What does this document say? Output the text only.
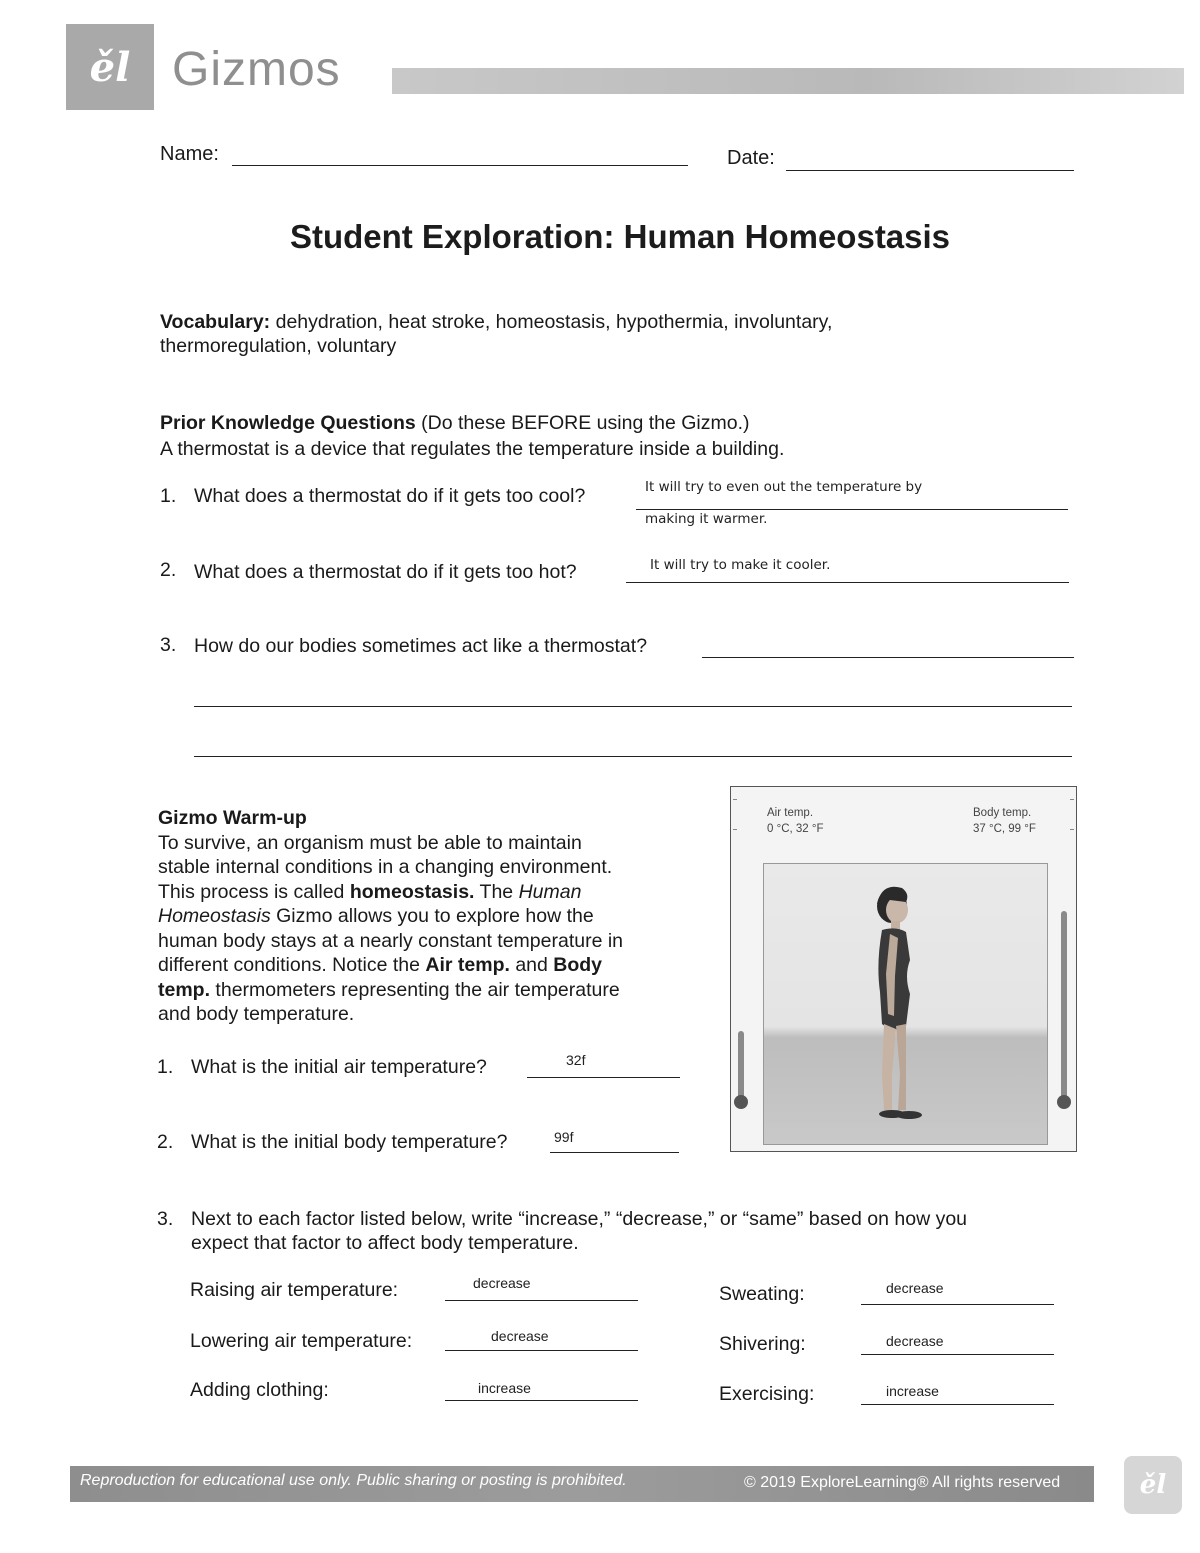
ěl Gizmos
Name:	Date:
Student Exploration: Human Homeostasis
Vocabulary: dehydration, heat stroke, homeostasis, hypothermia, involuntary,
thermoregulation, voluntary
Prior Knowledge Questions (Do these BEFORE using the Gizmo.)
A thermostat is a device that regulates the temperature inside a building.
1. What does a thermostat do if it gets too cool?	It will try to even out the temperature by
making it warmer.
2. What does a thermostat do if it gets too hot?	It will try to make it cooler.
3. How do our bodies sometimes act like a thermostat?
Gizmo Warm-up
To survive, an organism must be able to maintain
stable internal conditions in a changing environment.
This process is called homeostasis. The Human
Homeostasis Gizmo allows you to explore how the
human body stays at a nearly constant temperature in
different conditions. Notice the Air temp. and Body
temp. thermometers representing the air temperature
and body temperature.
1. What is the initial air temperature?	32f
2. What is the initial body temperature?	99f
Air temp.
0 °C, 32 °F
Body temp.
37 °C, 99 °F
3. Next to each factor listed below, write “increase,” “decrease,” or “same” based on how you
expect that factor to affect body temperature.
Raising air temperature:	decrease
Lowering air temperature:	decrease
Adding clothing:	increase
Sweating:	decrease
Shivering:	decrease
Exercising:	increase
Reproduction for educational use only. Public sharing or posting is prohibited.	© 2019 ExploreLearning® All rights reserved	ěl
